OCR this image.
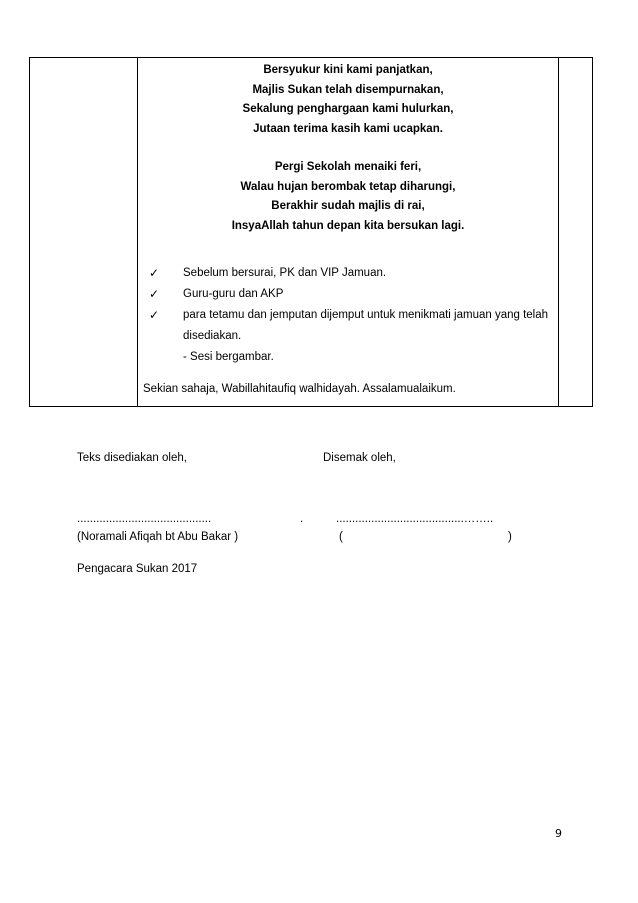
Bersyukur kini kami panjatkan,
Majlis Sukan telah disempurnakan,
Sekalung penghargaan kami hulurkan,
Jutaan terima kasih kami ucapkan.
Pergi Sekolah menaiki feri,
Walau hujan berombak tetap diharungi,
Berakhir sudah majlis di rai,
InsyaAllah tahun depan kita bersukan lagi.
✓ Sebelum bersurai, PK dan VIP Jamuan.
✓ Guru-guru dan AKP
✓ para tetamu dan jemputan dijemput untuk menikmati jamuan yang telah
disediakan.
- Sesi bergambar.
Sekian sahaja, Wabillahitaufiq walhidayah. Assalamualaikum.
Teks disediakan oleh,	Disemak oleh,
..........................................	.	........................................……..
(Noramali Afiqah bt Abu Bakar )	(	)
Pengacara Sukan 2017
9
